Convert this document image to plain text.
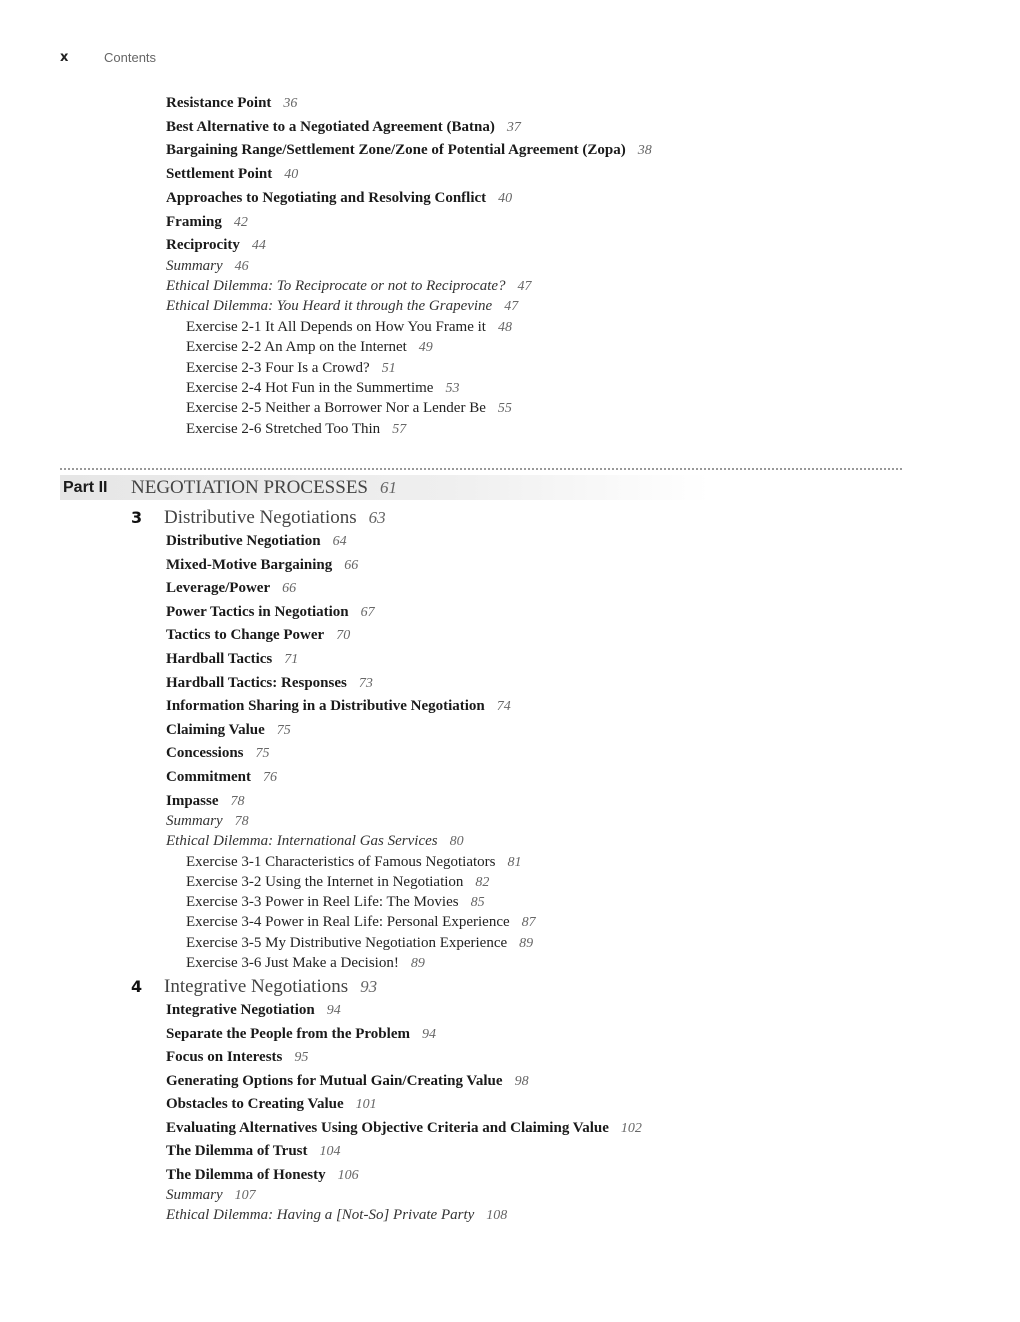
x	Contents
Resistance Point 36
Best Alternative to a Negotiated Agreement (Batna) 37
Bargaining Range/Settlement Zone/Zone of Potential Agreement (Zopa) 38
Settlement Point 40
Approaches to Negotiating and Resolving Conflict 40
Framing 42
Reciprocity 44
Summary 46
Ethical Dilemma: To Reciprocate or not to Reciprocate? 47
Ethical Dilemma: You Heard it through the Grapevine 47
Exercise 2-1 It All Depends on How You Frame it 48
Exercise 2-2 An Amp on the Internet 49
Exercise 2-3 Four Is a Crowd? 51
Exercise 2-4 Hot Fun in the Summertime 53
Exercise 2-5 Neither a Borrower Nor a Lender Be 55
Exercise 2-6 Stretched Too Thin 57
Part II NEGOTIATION PROCESSES 61
3 Distributive Negotiations 63
Distributive Negotiation 64
Mixed-Motive Bargaining 66
Leverage/Power 66
Power Tactics in Negotiation 67
Tactics to Change Power 70
Hardball Tactics 71
Hardball Tactics: Responses 73
Information Sharing in a Distributive Negotiation 74
Claiming Value 75
Concessions 75
Commitment 76
Impasse 78
Summary 78
Ethical Dilemma: International Gas Services 80
Exercise 3-1 Characteristics of Famous Negotiators 81
Exercise 3-2 Using the Internet in Negotiation 82
Exercise 3-3 Power in Reel Life: The Movies 85
Exercise 3-4 Power in Real Life: Personal Experience 87
Exercise 3-5 My Distributive Negotiation Experience 89
Exercise 3-6 Just Make a Decision! 89
4 Integrative Negotiations 93
Integrative Negotiation 94
Separate the People from the Problem 94
Focus on Interests 95
Generating Options for Mutual Gain/Creating Value 98
Obstacles to Creating Value 101
Evaluating Alternatives Using Objective Criteria and Claiming Value 102
The Dilemma of Trust 104
The Dilemma of Honesty 106
Summary 107
Ethical Dilemma: Having a [Not-So] Private Party 108
